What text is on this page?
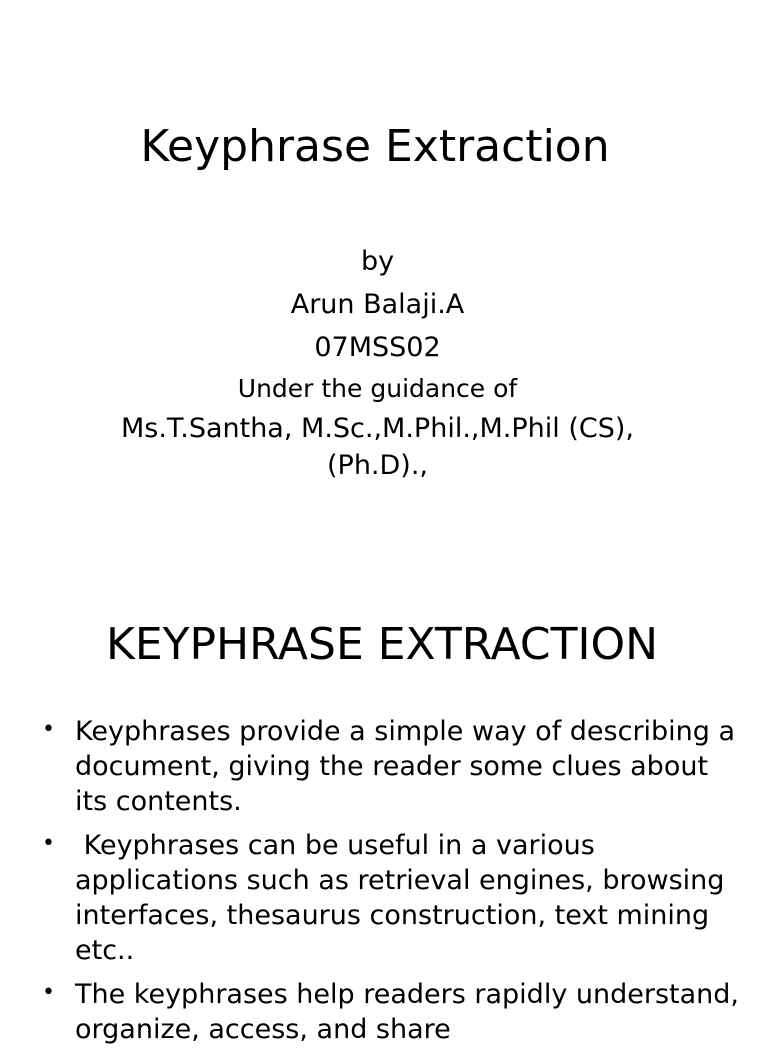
Keyphrase Extraction
by
Arun Balaji.A
07MSS02
Under the guidance of
Ms.T.Santha, M.Sc.,M.Phil.,M.Phil (CS),
(Ph.D).,
KEYPHRASE EXTRACTION
• Keyphrases provide a simple way of describing a document, giving the reader some clues about its contents.
• Keyphrases can be useful in a various applications such as retrieval engines, browsing interfaces, thesaurus construction, text mining etc..
• The keyphrases help readers rapidly understand, organize, access, and share
